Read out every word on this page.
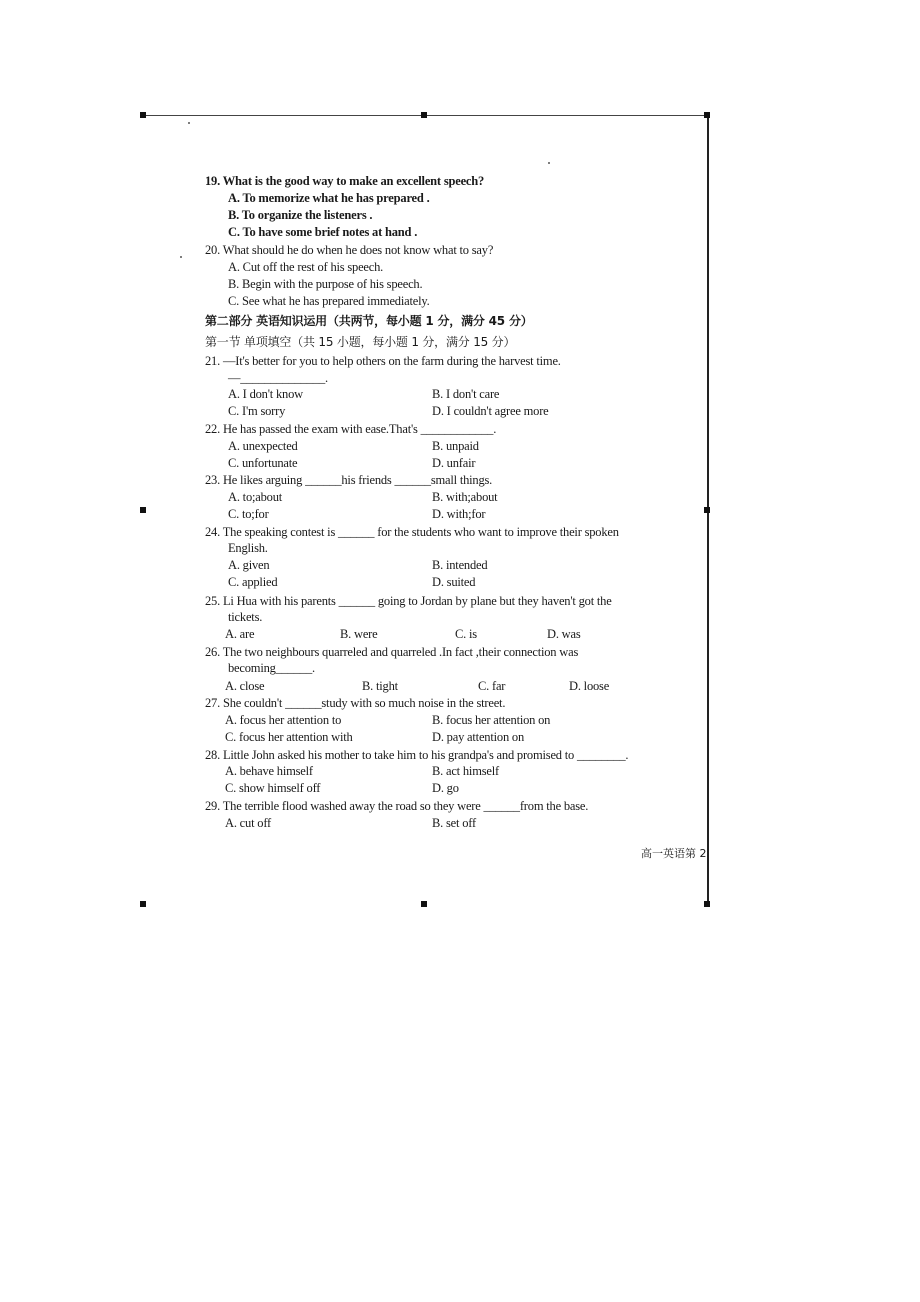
19. What is the good way to make an excellent speech?
A. To memorize what he has prepared .
B. To organize the listeners .
C. To have some brief notes at hand .
20. What should he do when he does not know what to say?
A. Cut off the rest of his speech.
B. Begin with the purpose of his speech.
C. See what he has prepared immediately.
第二部分 英语知识运用（共两节，每小题 1 分，满分 45 分）
第一节 单项填空（共 15 小题，每小题 1 分，满分 15 分）
21. —It's better for you to help others on the farm during the harvest time.
—______________.
A. I don't know	B. I don't care
C. I'm sorry	D. I couldn't agree more
22. He has passed the exam with ease.That's ____________.
A. unexpected	B. unpaid
C. unfortunate	D. unfair
23. He likes arguing ______his friends ______small things.
A. to;about	B. with;about
C. to;for	D. with;for
24. The speaking contest is ______ for the students who want to improve their spoken
English.
A. given	B. intended
C. applied	D. suited
25. Li Hua with his parents ______ going to Jordan by plane but they haven't got the
tickets.
A. are	B. were	C. is	D. was
26. The two neighbours quarreled and quarreled .In fact ,their connection was
becoming______.
A. close	B. tight	C. far	D. loose
27. She couldn't ______study with so much noise in the street.
A. focus her attention to	B. focus her attention on
C. focus her attention with	D. pay attention on
28. Little John asked his mother to take him to his grandpa's and promised to ________.
A. behave himself	B. act himself
C. show himself off	D. go
29. The terrible flood washed away the road so they were ______from the base.
A. cut off	B. set off
高一英语第 2
